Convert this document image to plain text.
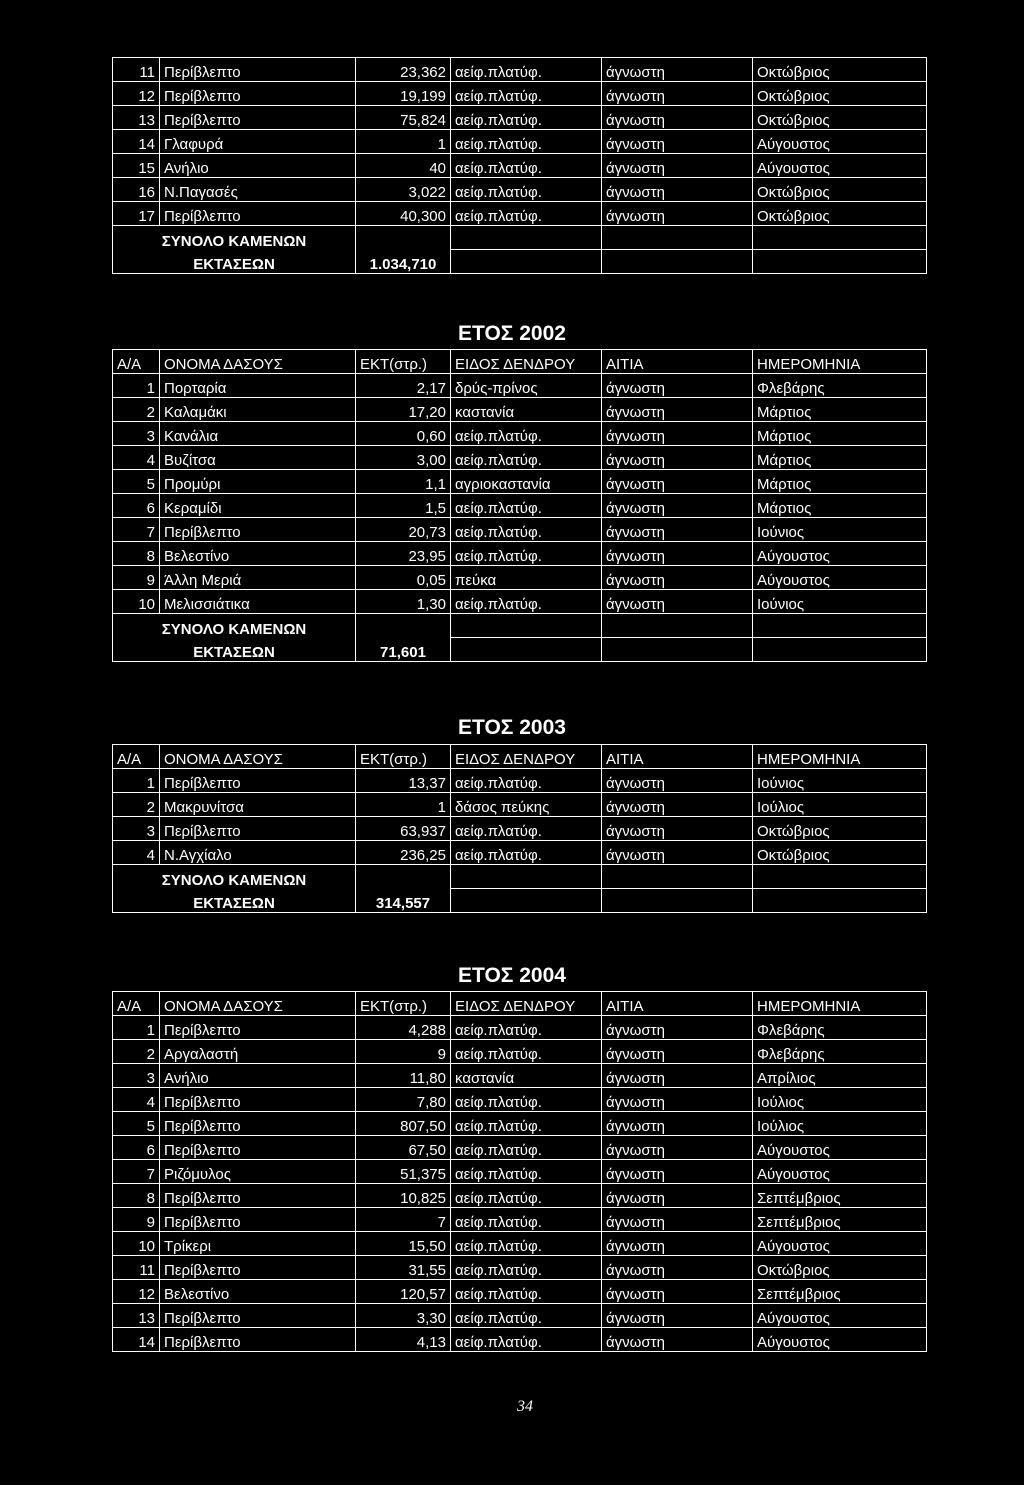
11	Περίβλεπτο	23,362	αείφ.πλατύφ.	άγνωστη	Οκτώβριος
12	Περίβλεπτο	19,199	αείφ.πλατύφ.	άγνωστη	Οκτώβριος
13	Περίβλεπτο	75,824	αείφ.πλατύφ.	άγνωστη	Οκτώβριος
14	Γλαφυρά	1	αείφ.πλατύφ.	άγνωστη	Αύγουστος
15	Ανήλιο	40	αείφ.πλατύφ.	άγνωστη	Αύγουστος
16	Ν.Παγασές	3,022	αείφ.πλατύφ.	άγνωστη	Οκτώβριος
17	Περίβλεπτο	40,300	αείφ.πλατύφ.	άγνωστη	Οκτώβριος
ΣΥΝΟΛΟ ΚΑΜΕΝΩΝ					
ΕΚΤΑΣΕΩΝ		1.034,710			
ΕΤΟΣ 2002
Α/Α	ΟΝΟΜΑ ΔΑΣΟΥΣ	ΕΚΤ(στρ.)	ΕΙΔΟΣ ΔΕΝΔΡΟΥ	ΑΙΤΙΑ	ΗΜΕΡΟΜΗΝΙΑ
1	Πορταρία	2,17	δρύς-πρίνος	άγνωστη	Φλεβάρης
2	Καλαμάκι	17,20	καστανία	άγνωστη	Μάρτιος
3	Κανάλια	0,60	αείφ.πλατύφ.	άγνωστη	Μάρτιος
4	Βυζίτσα	3,00	αείφ.πλατύφ.	άγνωστη	Μάρτιος
5	Προμύρι	1,1	αγριοκαστανία	άγνωστη	Μάρτιος
6	Κεραμίδι	1,5	αείφ.πλατύφ.	άγνωστη	Μάρτιος
7	Περίβλεπτο	20,73	αείφ.πλατύφ.	άγνωστη	Ιούνιος
8	Βελεστίνο	23,95	αείφ.πλατύφ.	άγνωστη	Αύγουστος
9	Άλλη Μεριά	0,05	πεύκα	άγνωστη	Αύγουστος
10	Μελισσιάτικα	1,30	αείφ.πλατύφ.	άγνωστη	Ιούνιος
ΣΥΝΟΛΟ ΚΑΜΕΝΩΝ					
ΕΚΤΑΣΕΩΝ		71,601			
ΕΤΟΣ 2003
Α/Α	ΟΝΟΜΑ ΔΑΣΟΥΣ	ΕΚΤ(στρ.)	ΕΙΔΟΣ ΔΕΝΔΡΟΥ	ΑΙΤΙΑ	ΗΜΕΡΟΜΗΝΙΑ
1	Περίβλεπτο	13,37	αείφ.πλατύφ.	άγνωστη	Ιούνιος
2	Μακρυνίτσα	1	δάσος πεύκης	άγνωστη	Ιούλιος
3	Περίβλεπτο	63,937	αείφ.πλατύφ.	άγνωστη	Οκτώβριος
4	Ν.Αγχίαλο	236,25	αείφ.πλατύφ.	άγνωστη	Οκτώβριος
ΣΥΝΟΛΟ ΚΑΜΕΝΩΝ					
ΕΚΤΑΣΕΩΝ		314,557			
ΕΤΟΣ 2004
Α/Α	ΟΝΟΜΑ ΔΑΣΟΥΣ	ΕΚΤ(στρ.)	ΕΙΔΟΣ ΔΕΝΔΡΟΥ	ΑΙΤΙΑ	ΗΜΕΡΟΜΗΝΙΑ
1	Περίβλεπτο	4,288	αείφ.πλατύφ.	άγνωστη	Φλεβάρης
2	Αργαλαστή	9	αείφ.πλατύφ.	άγνωστη	Φλεβάρης
3	Ανήλιο	11,80	καστανία	άγνωστη	Απρίλιος
4	Περίβλεπτο	7,80	αείφ.πλατύφ.	άγνωστη	Ιούλιος
5	Περίβλεπτο	807,50	αείφ.πλατύφ.	άγνωστη	Ιούλιος
6	Περίβλεπτο	67,50	αείφ.πλατύφ.	άγνωστη	Αύγουστος
7	Ριζόμυλος	51,375	αείφ.πλατύφ.	άγνωστη	Αύγουστος
8	Περίβλεπτο	10,825	αείφ.πλατύφ.	άγνωστη	Σεπτέμβριος
9	Περίβλεπτο	7	αείφ.πλατύφ.	άγνωστη	Σεπτέμβριος
10	Τρίκερι	15,50	αείφ.πλατύφ.	άγνωστη	Αύγουστος
11	Περίβλεπτο	31,55	αείφ.πλατύφ.	άγνωστη	Οκτώβριος
12	Βελεστίνο	120,57	αείφ.πλατύφ.	άγνωστη	Σεπτέμβριος
13	Περίβλεπτο	3,30	αείφ.πλατύφ.	άγνωστη	Αύγουστος
14	Περίβλεπτο	4,13	αείφ.πλατύφ.	άγνωστη	Αύγουστος
34
